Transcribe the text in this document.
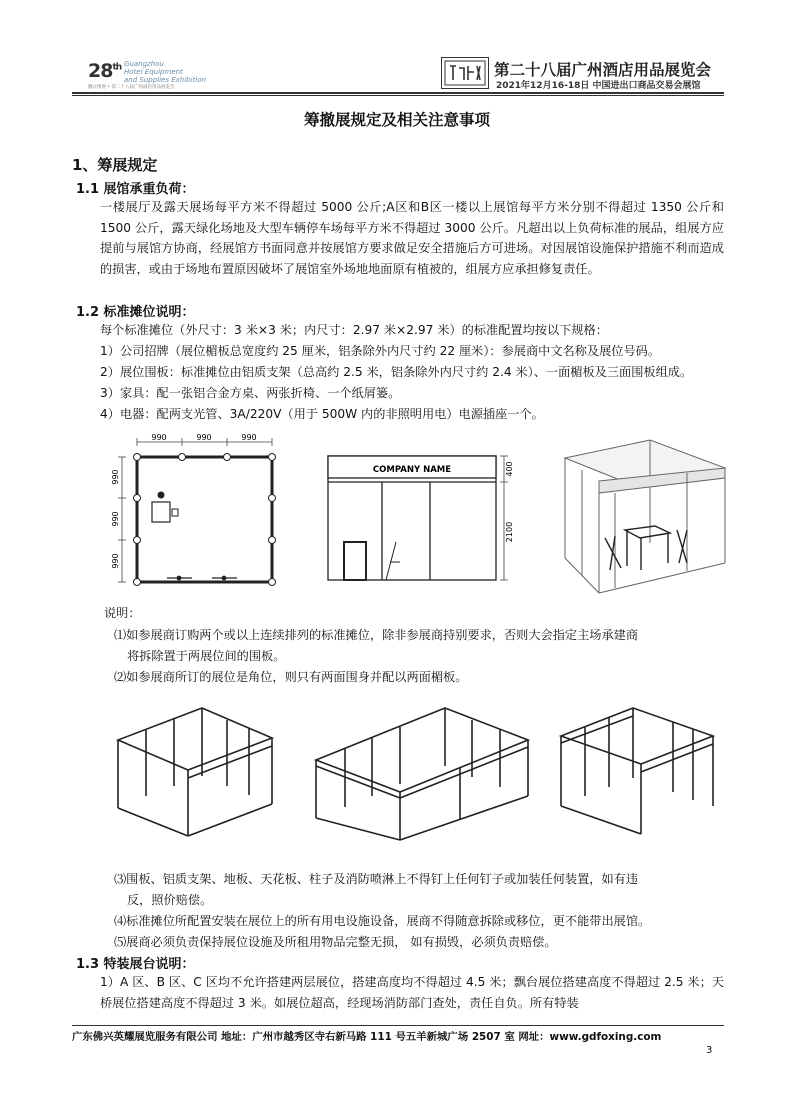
28th Guangzhou
Hotel Equipment
and Supplies Exhibition
穗日博展 • 第二十八届广州酒店用品展览会
第二十八届广州酒店用品展览会
2021年12月16-18日 中国进出口商品交易会展馆
筹撤展规定及相关注意事项
1、筹展规定
1.1 展馆承重负荷：
一楼展厅及露天展场每平方米不得超过 5000 公斤;A区和B区一楼以上展馆每平方米分别不得超过 1350 公斤和 1500 公斤，露天绿化场地及大型车辆停车场每平方米不得超过 3000 公斤。凡超出以上负荷标准的展品，组展方应提前与展馆方协商，经展馆方书面同意并按展馆方要求做足安全措施后方可进场。对因展馆设施保护措施不利而造成的损害，或由于场地布置原因破坏了展馆室外场地地面原有植被的，组展方应承担修复责任。
1.2 标准摊位说明：
每个标准摊位（外尺寸：3 米×3 米；内尺寸：2.97 米×2.97 米）的标准配置均按以下规格：
1）公司招牌（展位楣板总宽度约 25 厘米，铝条除外内尺寸约 22 厘米）：参展商中文名称及展位号码。
2）展位围板：标准摊位由铝质支架（总高约 2.5 米，铝条除外内尺寸约 2.4 米）、一面楣板及三面围板组成。
3）家具：配一张铝合金方桌、两张折椅、一个纸屑篓。
4）电器：配两支光管、3A/220V（用于 500W 内的非照明用电）电源插座一个。
990	990	990
990
990
990
COMPANY NAME	400
2100
说明：
⑴如参展商订购两个或以上连续排列的标准摊位，除非参展商持别要求，否则大会指定主场承建商
将拆除置于两展位间的围板。
⑵如参展商所订的展位是角位，则只有两面围身并配以两面楣板。
⑶围板、铝质支架、地板、天花板、柱子及消防喷淋上不得钉上任何钉子或加装任何装置，如有违
反，照价赔偿。
⑷标准摊位所配置安装在展位上的所有用电设施设备，展商不得随意拆除或移位，更不能带出展馆。
⑸展商必须负责保持展位设施及所租用物品完整无损， 如有损毁，必须负责赔偿。
1.3 特装展台说明：
1）A 区、B 区、C 区均不允许搭建两层展位，搭建高度均不得超过 4.5 米；飘台展位搭建高度不得超过 2.5 米；天桥展位搭建高度不得超过 3 米。如展位超高，经现场消防部门查处，责任自负。所有特装
广东佛兴英耀展览服务有限公司 地址：广州市越秀区寺右新马路 111 号五羊新城广场 2507 室 网址：www.gdfoxing.com
3
